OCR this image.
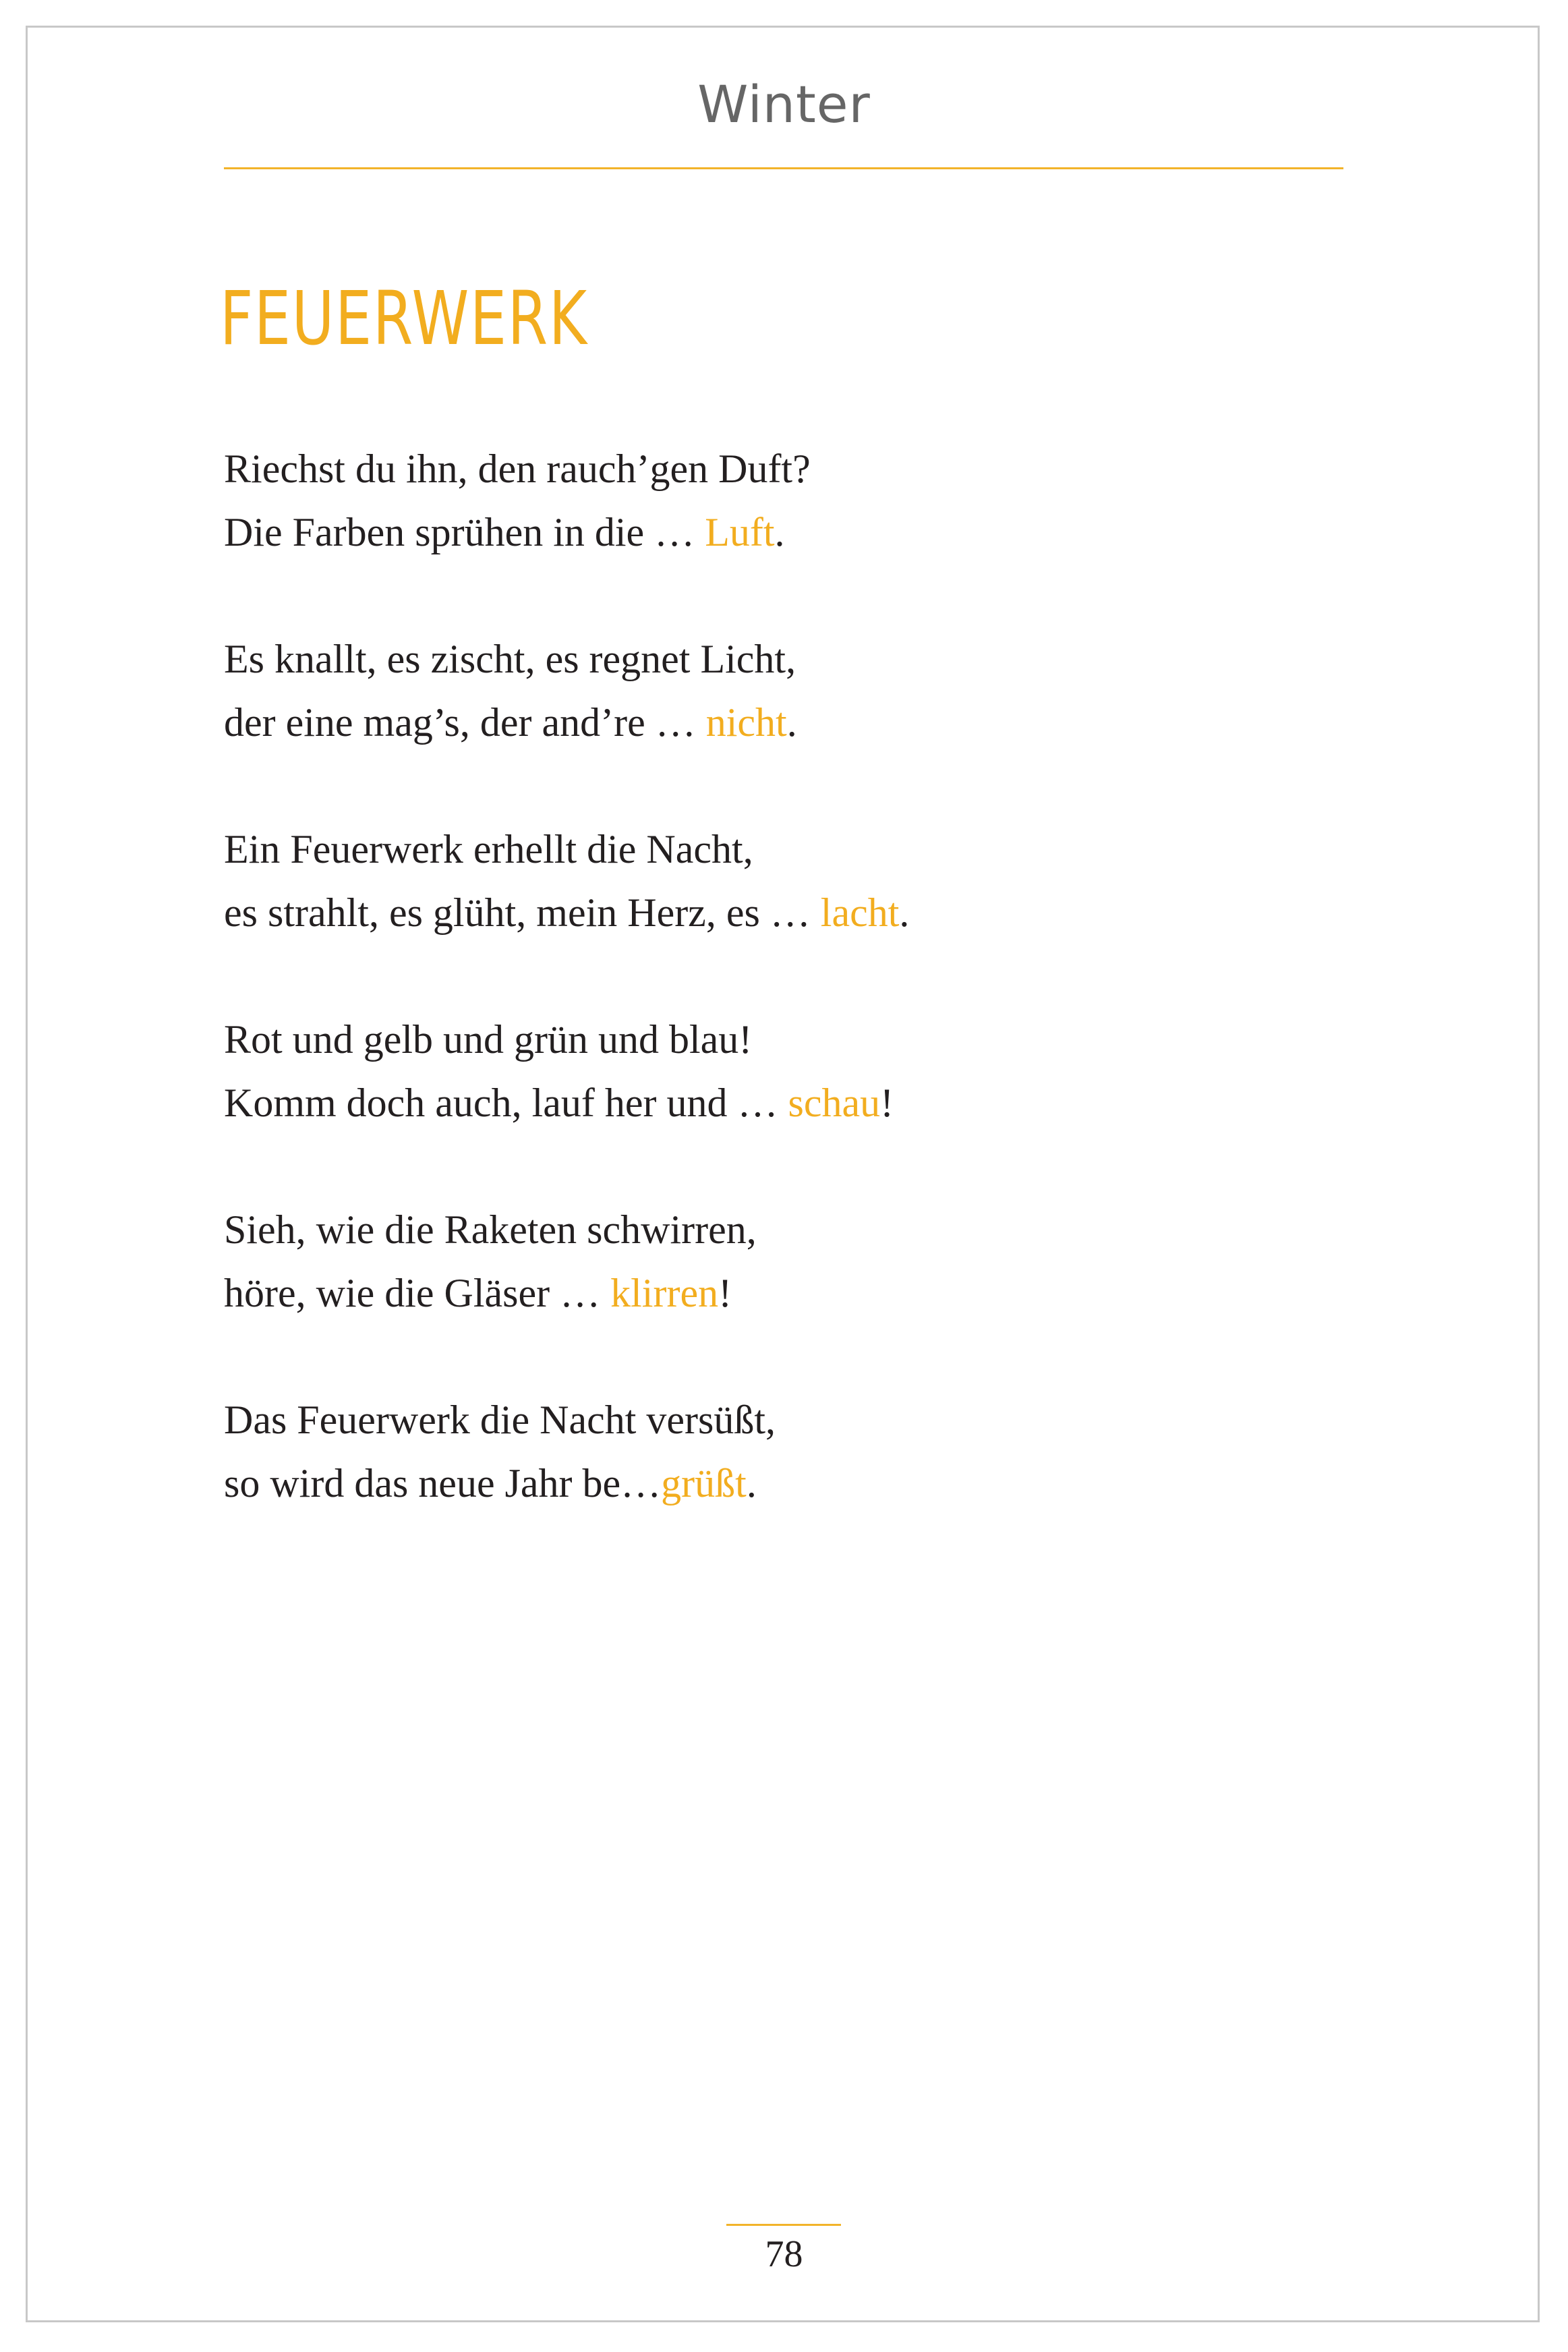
Winter
FEUERWERK
Riechst du ihn, den rauch’gen Duft?
Die Farben sprühen in die … Luft.
Es knallt, es zischt, es regnet Licht,
der eine mag’s, der and’re … nicht.
Ein Feuerwerk erhellt die Nacht,
es strahlt, es glüht, mein Herz, es … lacht.
Rot und gelb und grün und blau!
Komm doch auch, lauf her und … schau!
Sieh, wie die Raketen schwirren,
höre, wie die Gläser … klirren!
Das Feuerwerk die Nacht versüßt,
so wird das neue Jahr be…grüßt.
78
